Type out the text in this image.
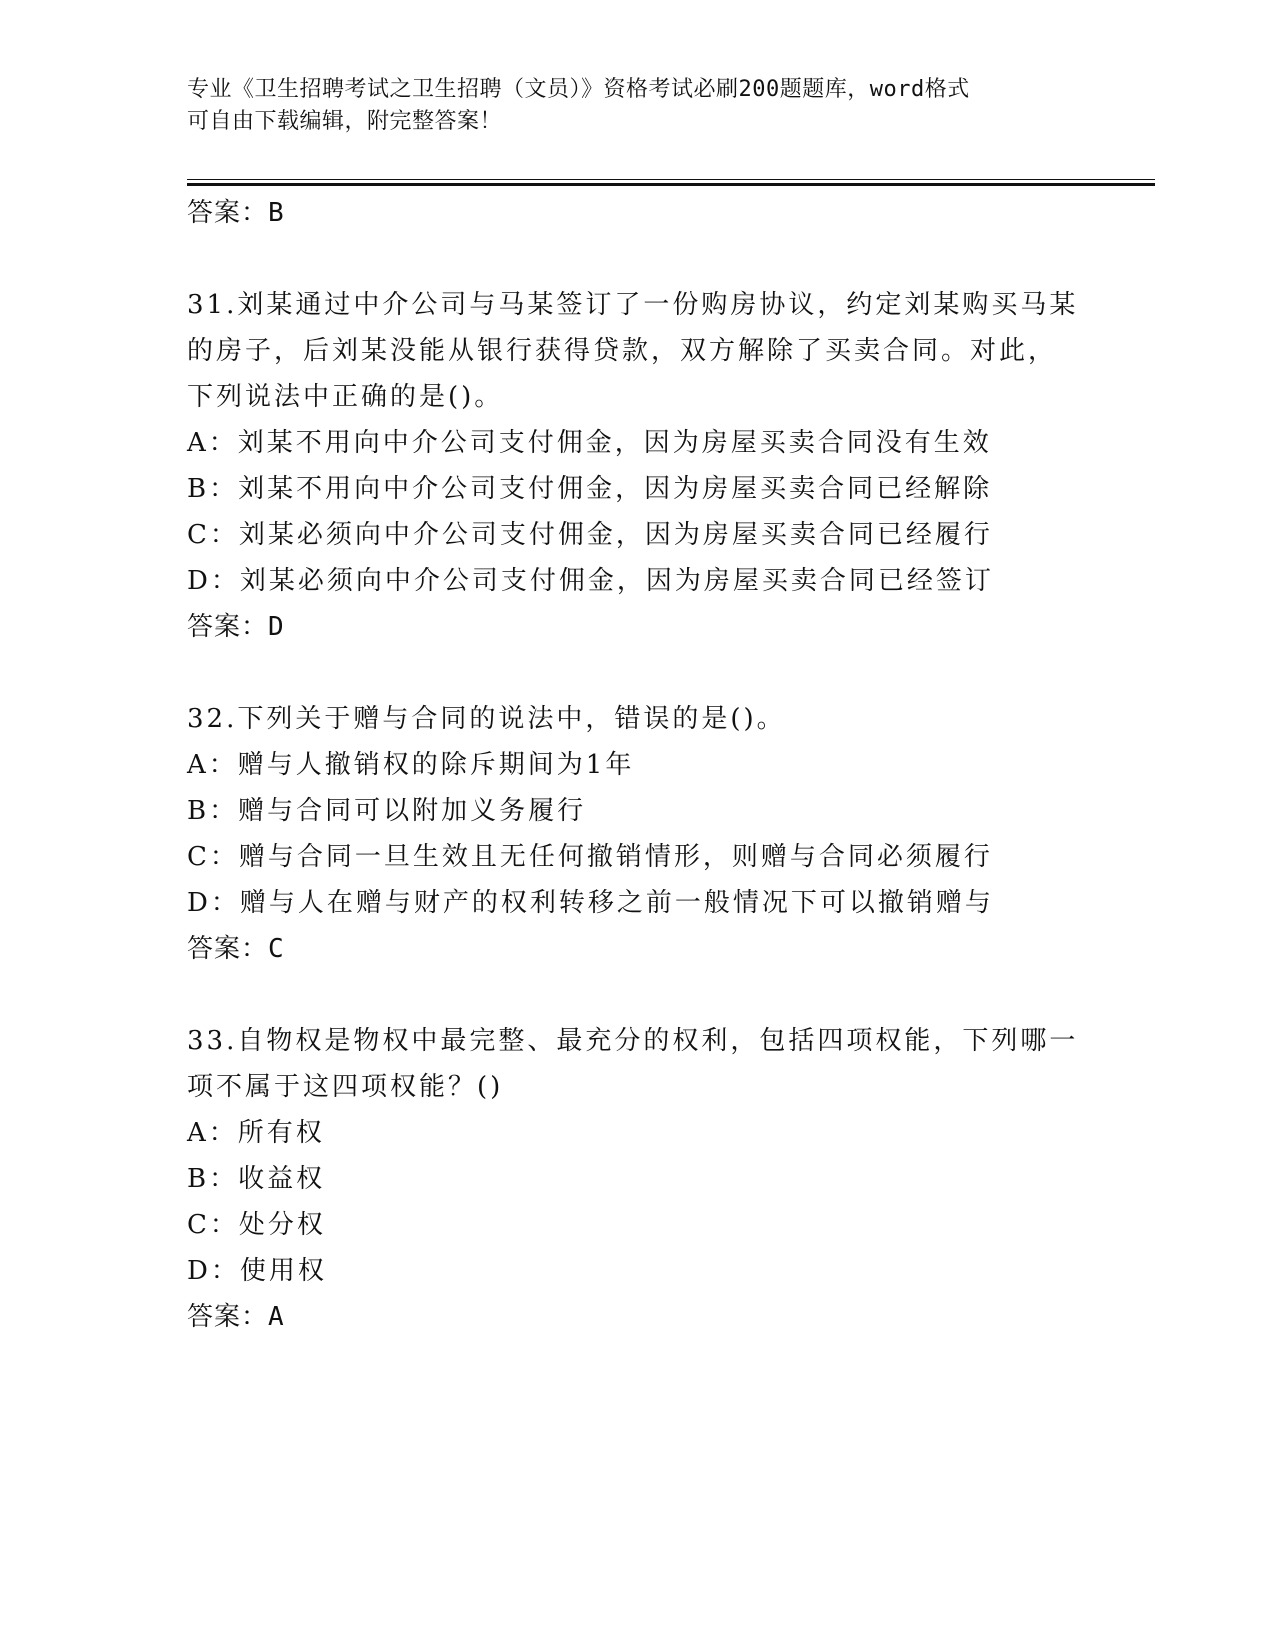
专业《卫生招聘考试之卫生招聘（文员）》资格考试必刷200题题库，word格式
可自由下载编辑，附完整答案！
答案：B
31.刘某通过中介公司与马某签订了一份购房协议，约定刘某购买马某
的房子，后刘某没能从银行获得贷款，双方解除了买卖合同。对此，
下列说法中正确的是()。
A：刘某不用向中介公司支付佣金，因为房屋买卖合同没有生效
B：刘某不用向中介公司支付佣金，因为房屋买卖合同已经解除
C：刘某必须向中介公司支付佣金，因为房屋买卖合同已经履行
D：刘某必须向中介公司支付佣金，因为房屋买卖合同已经签订
答案：D
32.下列关于赠与合同的说法中，错误的是()。
A：赠与人撤销权的除斥期间为1年
B：赠与合同可以附加义务履行
C：赠与合同一旦生效且无任何撤销情形，则赠与合同必须履行
D：赠与人在赠与财产的权利转移之前一般情况下可以撤销赠与
答案：C
33.自物权是物权中最完整、最充分的权利，包括四项权能，下列哪一
项不属于这四项权能？()
A：所有权
B：收益权
C：处分权
D：使用权
答案：A
